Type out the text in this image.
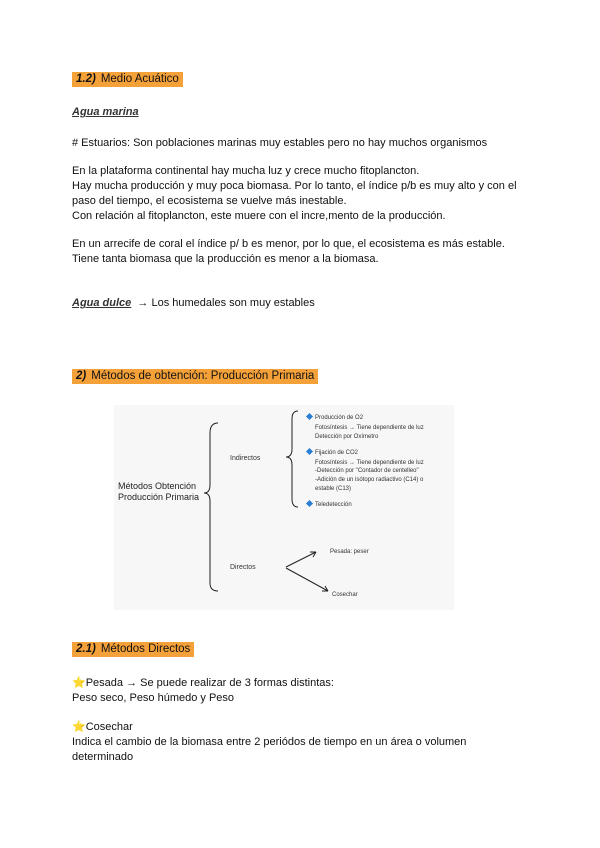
1.2) Medio Acuático
Agua marina
# Estuarios: Son poblaciones marinas muy estables pero no hay muchos organismos
En la plataforma continental hay mucha luz y crece mucho fitoplancton.
Hay mucha producción y muy poca biomasa. Por lo tanto, el índice p/b es muy alto y con el
paso del tiempo, el ecosistema se vuelve más inestable.
Con relación al fitoplancton, este muere con el incre,mento de la producción.
En un arrecife de coral el índice p/ b es menor, por lo que, el ecosistema es más estable.
Tiene tanta biomasa que la producción es menor a la biomasa.
Agua dulce → Los humedales son muy estables
2) Métodos de obtención: Producción Primaria
Métodos Obtención
Producción Primaria
Indirectos
Directos
Producción de O2
Fotosíntesis → Tiene dependiente de luz
Detección por Oxímetro
Fijación de CO2
Fotosíntesis → Tiene dependiente de luz
-Detección por "Contador de centelleo"
-Adición de un isótopo radiactivo (C14) o
estable (C13)
Teledetección
Pesada: peser
Cosechar
2.1) Métodos Directos
⭐Pesada → Se puede realizar de 3 formas distintas:
Peso seco, Peso húmedo y Peso
⭐Cosechar
Indica el cambio de la biomasa entre 2 periódos de tiempo en un área o volumen
determinado
